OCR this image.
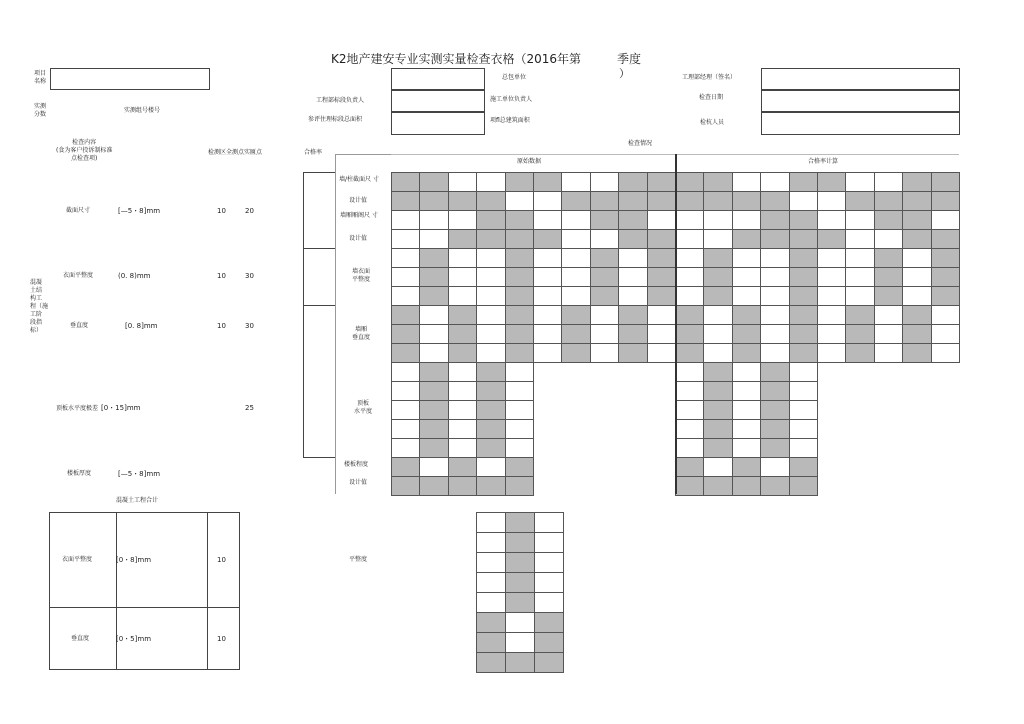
K2地产建安专业实测实量检查衣格（2016年第	季度
）
项目
名称
实测
分数
实测组号楼号
总包单位
工程部标段负责人	施工单位负责人
参评住理标段总面积	项fl总建筑面积
工理部经理（签名）
检查日期
检杭人员
检查情况
合格率
原始数据	合格率计算
检查内容
(食为客户投诉制标准
点检查项)
检测区全测点实匾点
混凝
土结
构工
程（施
工阶
段指
标）
截面尺寸	[—5・8]mm	10	20
衣面平整度	(0. 8)mm	10	30
垂直度	[0. 8]mm	10	30
顶板水平度极差 [0・15]mm	25
楼板厚度	[—5・8]mm
混凝土工程合计
衣面平整度	[0・8]mm	10
垂直度	[0・5]mm	10
墙/柱截面尺 寸
设计值
墙厢厢阁尺 寸
设计值
墙衣面
平整度
墙厢
垂直度
顶板
水平度
楼板程度
设计值
平整度
